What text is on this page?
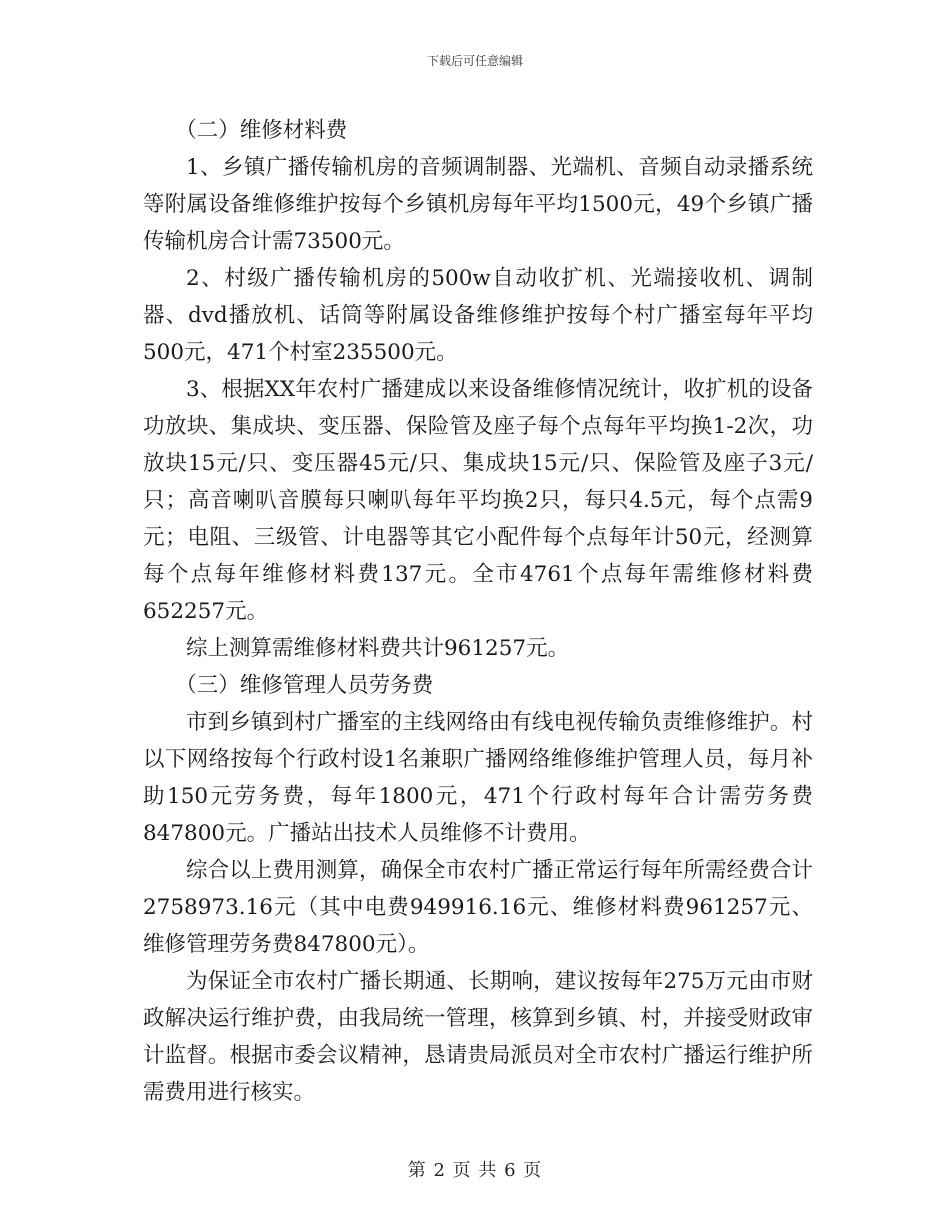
下载后可任意编辑

（二）维修材料费

1、乡镇广播传输机房的音频调制器、光端机、音频自动录播系统等附属设备维修维护按每个乡镇机房每年平均1500元，49个乡镇广播传输机房合计需73500元。

2、村级广播传输机房的500w自动收扩机、光端接收机、调制器、dvd播放机、话筒等附属设备维修维护按每个村广播室每年平均500元，471个村室235500元。

3、根据XX年农村广播建成以来设备维修情况统计，收扩机的设备功放块、集成块、变压器、保险管及座子每个点每年平均换1-2次，功放块15元/只、变压器45元/只、集成块15元/只、保险管及座子3元/只；高音喇叭音膜每只喇叭每年平均换2只，每只4.5元，每个点需9元；电阻、三级管、计电器等其它小配件每个点每年计50元，经测算每个点每年维修材料费137元。全市4761个点每年需维修材料费652257元。

综上测算需维修材料费共计961257元。

（三）维修管理人员劳务费

市到乡镇到村广播室的主线网络由有线电视传输负责维修维护。村以下网络按每个行政村设1名兼职广播网络维修维护管理人员，每月补助150元劳务费，每年1800元，471个行政村每年合计需劳务费847800元。广播站出技术人员维修不计费用。

综合以上费用测算，确保全市农村广播正常运行每年所需经费合计2758973.16元（其中电费949916.16元、维修材料费961257元、维修管理劳务费847800元）。

为保证全市农村广播长期通、长期响，建议按每年275万元由市财政解决运行维护费，由我局统一管理，核算到乡镇、村，并接受财政审计监督。根据市委会议精神，恳请贵局派员对全市农村广播运行维护所需费用进行核实。

第 2 页 共 6 页
